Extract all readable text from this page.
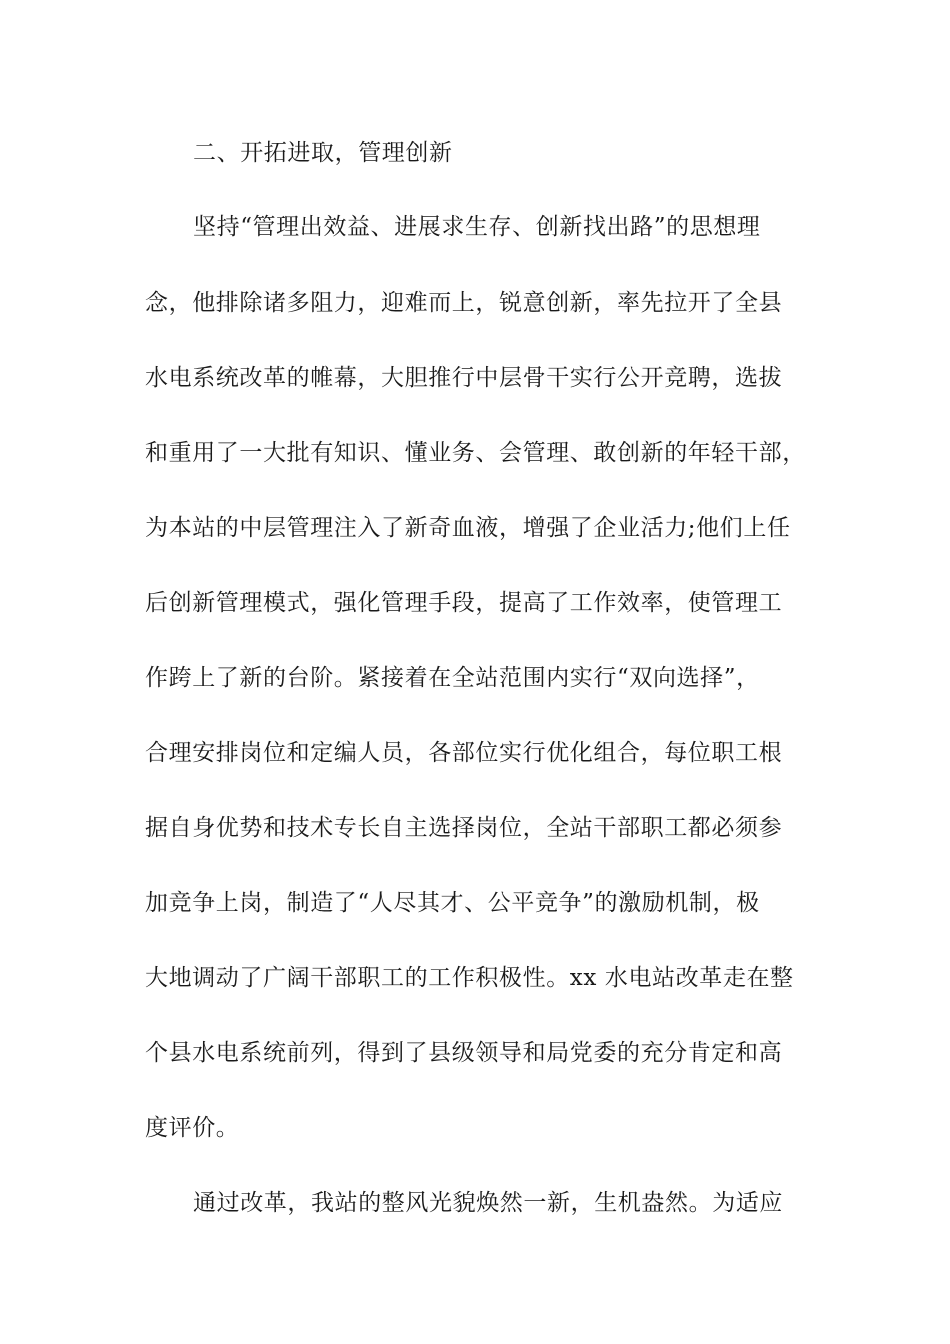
二、开拓进取，管理创新
坚持“管理出效益、进展求生存、创新找出路”的思想理
念，他排除诸多阻力，迎难而上，锐意创新，率先拉开了全县
水电系统改革的帷幕，大胆推行中层骨干实行公开竞聘，选拔
和重用了一大批有知识、懂业务、会管理、敢创新的年轻干部，
为本站的中层管理注入了新奇血液，增强了企业活力;他们上任
后创新管理模式，强化管理手段，提高了工作效率，使管理工
作跨上了新的台阶。紧接着在全站范围内实行“双向选择”，
合理安排岗位和定编人员，各部位实行优化组合，每位职工根
据自身优势和技术专长自主选择岗位，全站干部职工都必须参
加竞争上岗，制造了“人尽其才、公平竞争”的激励机制，极
大地调动了广阔干部职工的工作积极性。xx 水电站改革走在整
个县水电系统前列，得到了县级领导和局党委的充分肯定和高
度评价。
通过改革，我站的整风光貌焕然一新，生机盎然。为适应
